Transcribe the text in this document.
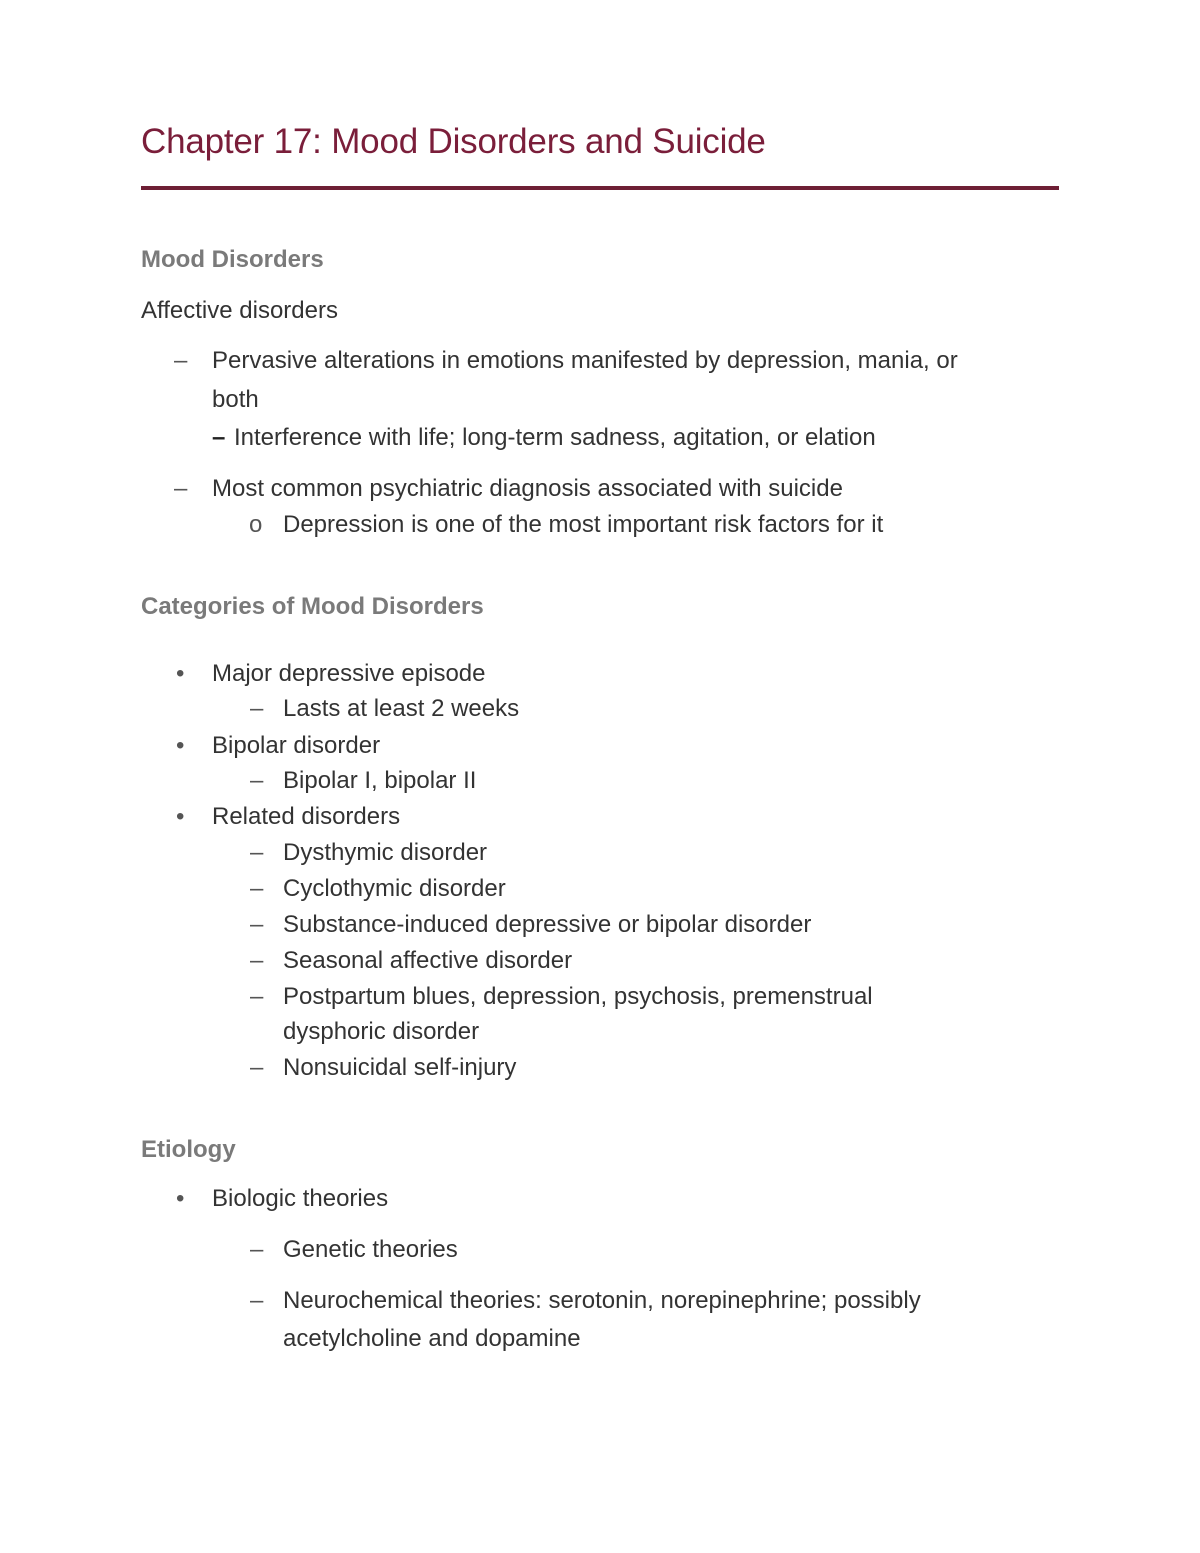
Chapter 17: Mood Disorders and Suicide
Mood Disorders
Affective disorders
– Pervasive alterations in emotions manifested by depression, mania, or
both
– Interference with life; long-term sadness, agitation, or elation
– Most common psychiatric diagnosis associated with suicide
o Depression is one of the most important risk factors for it
Categories of Mood Disorders
• Major depressive episode
– Lasts at least 2 weeks
• Bipolar disorder
– Bipolar I, bipolar II
• Related disorders
– Dysthymic disorder
– Cyclothymic disorder
– Substance-induced depressive or bipolar disorder
– Seasonal affective disorder
– Postpartum blues, depression, psychosis, premenstrual
dysphoric disorder
– Nonsuicidal self-injury
Etiology
• Biologic theories
– Genetic theories
– Neurochemical theories: serotonin, norepinephrine; possibly
acetylcholine and dopamine
